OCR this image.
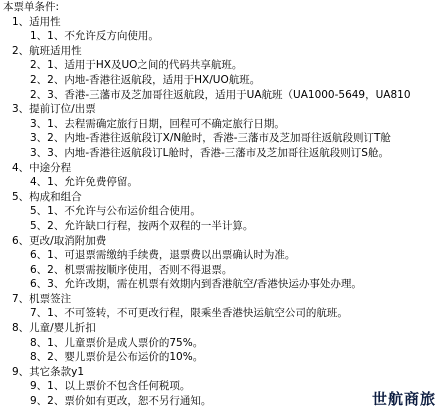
本票单条件:
1、适用性
1、1、不允许反方向使用。
2、航班适用性
2、1、适用于HX及UO之间的代码共享航班。
2、2、内地-香港往返航段，适用于HX/UO航班。
2、3、香港-三藩市及芝加哥往返航段，适用于UA航班（UA1000-5649，UA810
3、提前订位/出票
3、1、去程需确定旅行日期，回程可不确定旅行日期。
3、2、内地-香港往返航段订X/N舱时，香港-三藩市及芝加哥往返航段则订T舱
3、3、内地-香港往返航段订L舱时，香港-三藩市及芝加哥往返航段则订S舱。
4、中途分程
4、1、允许免费停留。
5、构成和组合
5、1、不允许与公布运价组合使用。
5、2、允许缺口行程，按两个双程的一半计算。
6、更改/取消附加费
6、1、可退票需缴纳手续费，退票费以出票确认时为准。
6、2、机票需按顺序使用，否则不得退票。
6、3、允许改期，需在机票有效期内到香港航空/香港快运办事处办理。
7、机票签注
7、1、不可签转，不可更改行程，限乘坐香港快运航空公司的航班。
8、儿童/婴儿折扣
8、1、儿童票价是成人票价的75%。
8、2、婴儿票价是公布运价的10%。
9、其它条款y1
9、1、以上票价不包含任何税项。
9、2、票价如有更改，恕不另行通知。	世航商旅
